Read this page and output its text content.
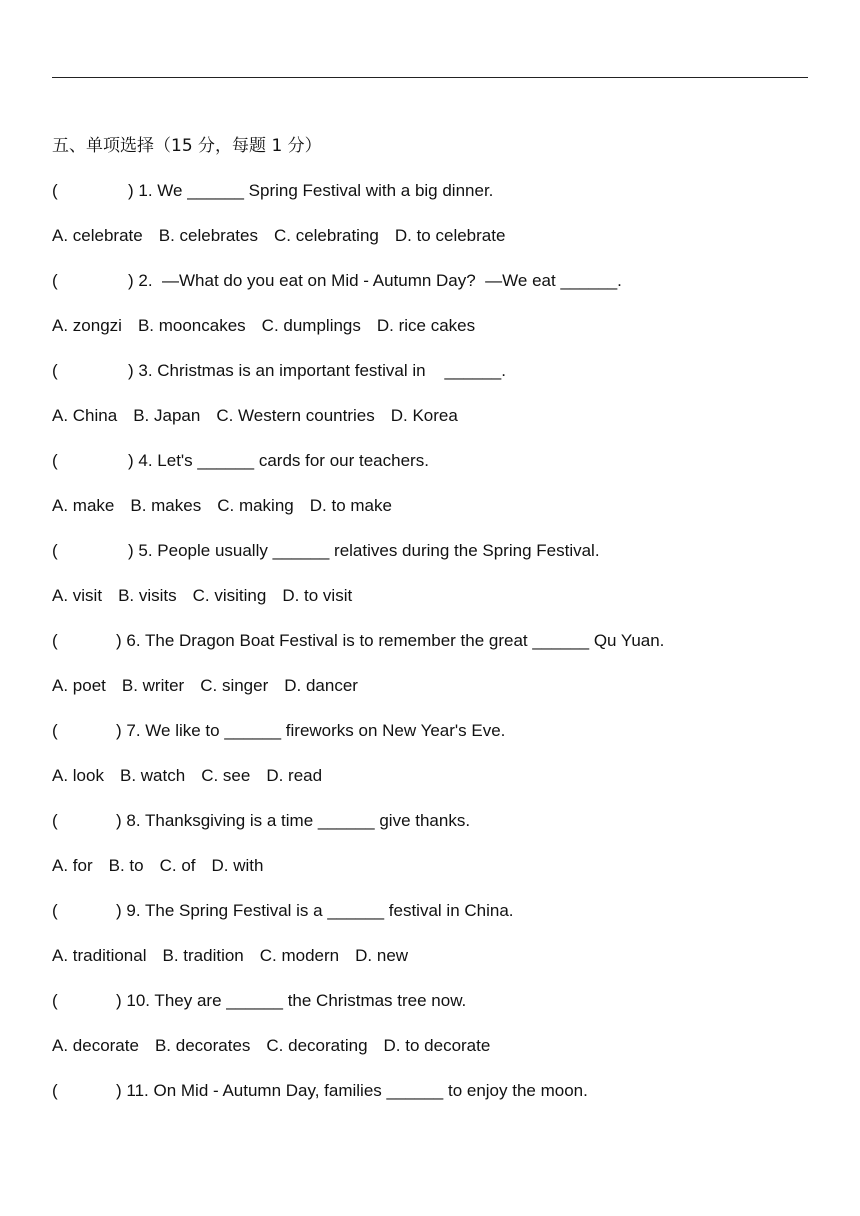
五、单项选择（15 分，每题 1 分）
(	) 1. We ______ Spring Festival with a big dinner.
A. celebrate B. celebrates C. celebrating D. to celebrate
(	) 2.  —What do you eat on Mid - Autumn Day?  —We eat ______.
A. zongzi B. mooncakes C. dumplings D. rice cakes
(	) 3. Christmas is an important festival in    ______.
A. China B. Japan C. Western countries D. Korea
(	) 4. Let's ______ cards for our teachers.
A. make B. makes C. making D. to make
(	) 5. People usually ______ relatives during the Spring Festival.
A. visit B. visits C. visiting D. to visit
(	) 6. The Dragon Boat Festival is to remember the great ______ Qu Yuan.
A. poet B. writer C. singer D. dancer
(	) 7. We like to ______ fireworks on New Year's Eve.
A. look B. watch C. see D. read
(	) 8. Thanksgiving is a time ______ give thanks.
A. for B. to C. of D. with
(	) 9. The Spring Festival is a ______ festival in China.
A. traditional B. tradition C. modern D. new
(	) 10. They are ______ the Christmas tree now.
A. decorate B. decorates C. decorating D. to decorate
(	) 11. On Mid - Autumn Day, families ______ to enjoy the moon.
